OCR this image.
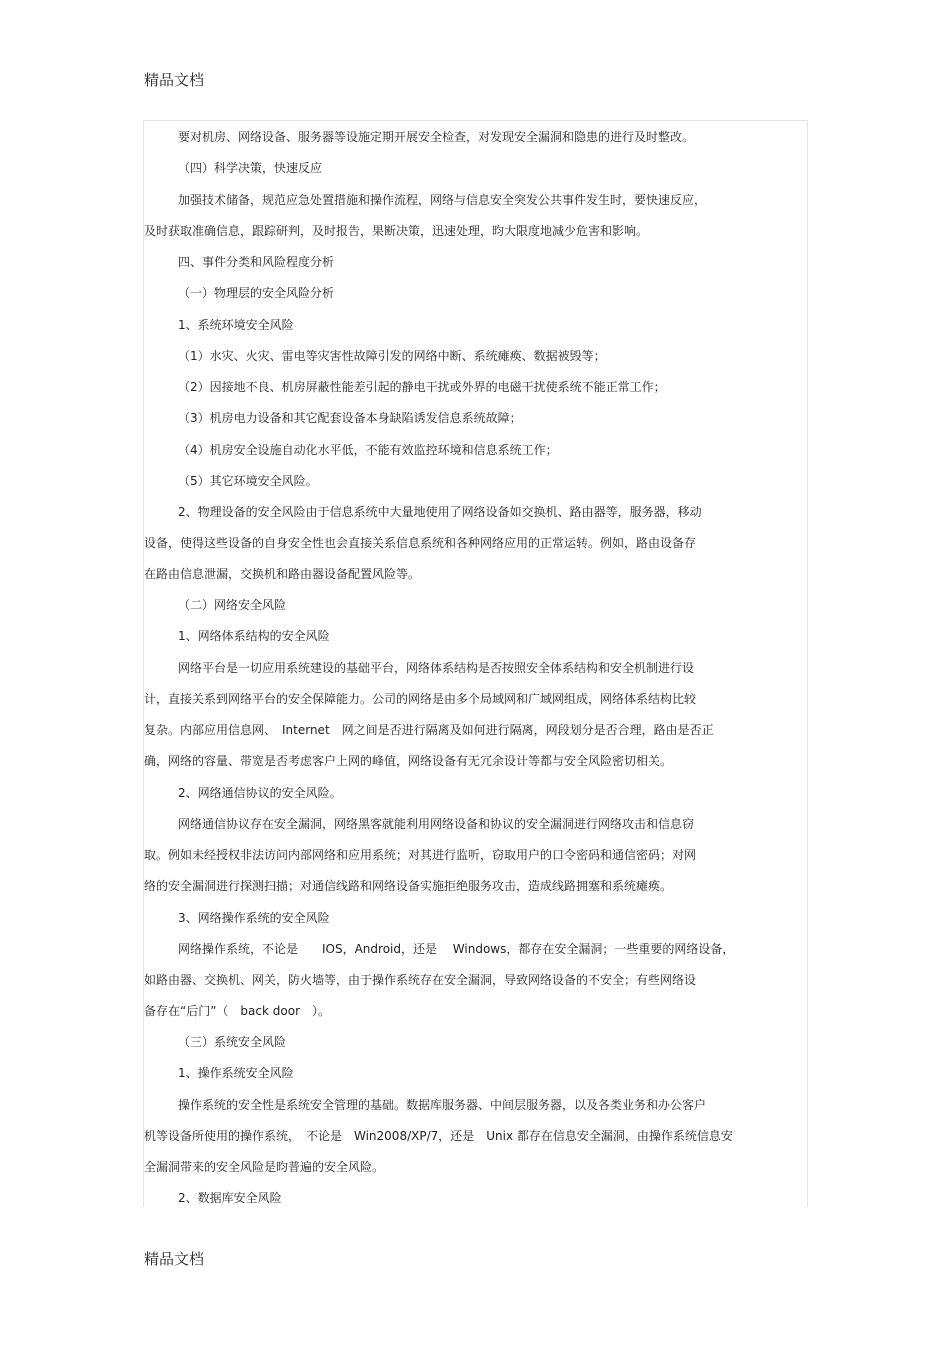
精品文档
要对机房、网络设备、服务器等设施定期开展安全检查，对发现安全漏洞和隐患的进行及时整改。
（四）科学决策，快速反应
加强技术储备，规范应急处置措施和操作流程，网络与信息安全突发公共事件发生时，要快速反应，
及时获取准确信息，跟踪研判，及时报告，果断决策，迅速处理，昀大限度地减少危害和影响。
四、事件分类和风险程度分析
（一）物理层的安全风险分析
1、系统环境安全风险
（1）水灾、火灾、雷电等灾害性故障引发的网络中断、系统瘫痪、数据被毁等；
（2）因接地不良、机房屏蔽性能差引起的静电干扰或外界的电磁干扰使系统不能正常工作；
（3）机房电力设备和其它配套设备本身缺陷诱发信息系统故障；
（4）机房安全设施自动化水平低，不能有效监控环境和信息系统工作；
（5）其它环境安全风险。
2、物理设备的安全风险由于信息系统中大量地使用了网络设备如交换机、路由器等，服务器，移动
设备，使得这些设备的自身安全性也会直接关系信息系统和各种网络应用的正常运转。例如，路由设备存
在路由信息泄漏，交换机和路由器设备配置风险等。
（二）网络安全风险
1、网络体系结构的安全风险
网络平台是一切应用系统建设的基础平台，网络体系结构是否按照安全体系结构和安全机制进行设
计，直接关系到网络平台的安全保障能力。公司的网络是由多个局域网和广域网组成，网络体系结构比较
复杂。内部应用信息网、　Internet　网之间是否进行隔离及如何进行隔离，网段划分是否合理，路由是否正
确，网络的容量、带宽是否考虑客户上网的峰值，网络设备有无冗余设计等都与安全风险密切相关。
2、网络通信协议的安全风险。
网络通信协议存在安全漏洞，网络黑客就能利用网络设备和协议的安全漏洞进行网络攻击和信息窃
取。例如未经授权非法访问内部网络和应用系统；对其进行监听，窃取用户的口令密码和通信密码；对网
络的安全漏洞进行探测扫描；对通信线路和网络设备实施拒绝服务攻击，造成线路拥塞和系统瘫痪。
3、网络操作系统的安全风险
网络操作系统，不论是　　IOS，Android，还是　 Windows，都存在安全漏洞；一些重要的网络设备，
如路由器、交换机、网关，防火墙等，由于操作系统存在安全漏洞，导致网络设备的不安全；有些网络设
备存在“后门”（　back door　）。
（三）系统安全风险
1、操作系统安全风险
操作系统的安全性是系统安全管理的基础。数据库服务器、中间层服务器，以及各类业务和办公客户
机等设备所使用的操作系统，　不论是　Win2008/XP/7，还是　Unix 都存在信息安全漏洞，由操作系统信息安
全漏洞带来的安全风险是昀普遍的安全风险。
2、数据库安全风险
精品文档
